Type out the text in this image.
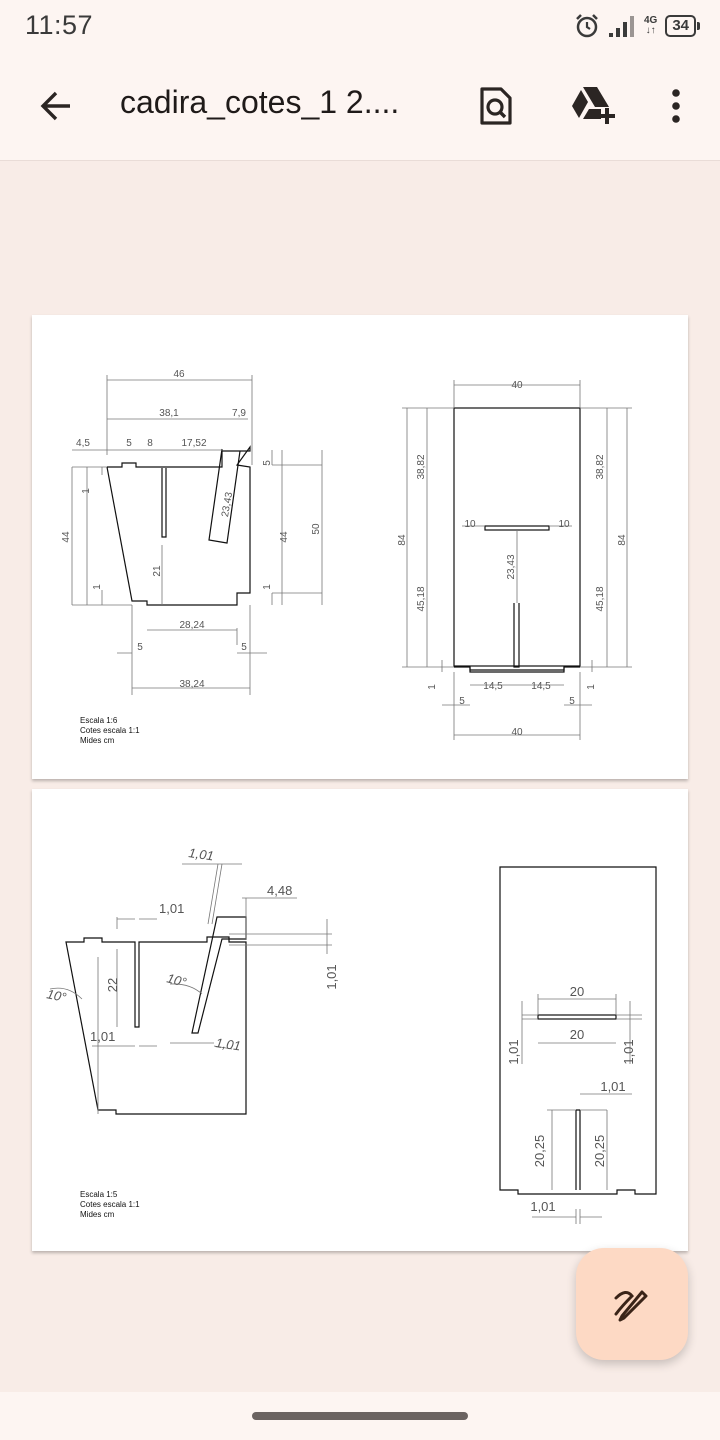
11:57	4G
↓↑	34
cadira_cotes_1 2....
46
38,1	7,9
4,5	5 8	17,52
5
1
23,43
44
21
44
50
1	1
28,24
5	5
38,24
40
38,82	38,82
84	84
10	10
23,43
45,18	45,18
1	1
14,5	14,5
5	5
40
Escala 1:6
Cotes escala 1:1
Mides cm
1,01
4,48
1,01
1,01
10°
22	10°
1,01	1,01
20
20
1,01	1,01
1,01
20,25	20,25
1,01
Escala 1:5
Cotes escala 1:1
Mides cm
